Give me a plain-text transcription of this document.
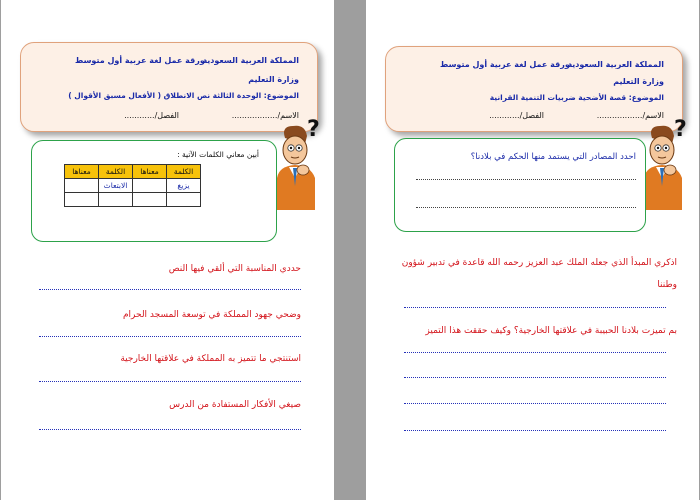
المملكة العربية السعودية
ورقة عمل لغة عربية أول متوسط
وزارة التعليم
الموضوع: الوحدة الثالثة نص الانطلاق ( الأفعال مسبق الأقوال )
الاسم/..................
الفصل/............
?
أبين معاني الكلمات الآتية :
الكلمة	معناها	الكلمة	معناها
يزيغ		الابتعاث	

حددي المناسبة التي ألقي فيها النص
وضحي جهود المملكة في توسعة المسجد الحرام
استنتجي ما تتميز به المملكة في علاقتها الخارجية
صيغي الأفكار المستفادة من الدرس
المملكة العربية السعودية
ورقة عمل لغة عربية أول متوسط
وزارة التعليم
الموضوع: قصة الأضحية ضربيات التنمية القرانية
الاسم/..................
الفصل/............
?
احدد المصادر التي يستمد منها الحكم في بلادنا؟
اذكري المبدأ الذي جعله الملك عبد العزيز رحمه الله قاعدة في تدبير شؤون
وطننا
بم تميزت بلادنا الحبيبة في علاقتها الخارجية؟ وكيف حققت هذا التميز
